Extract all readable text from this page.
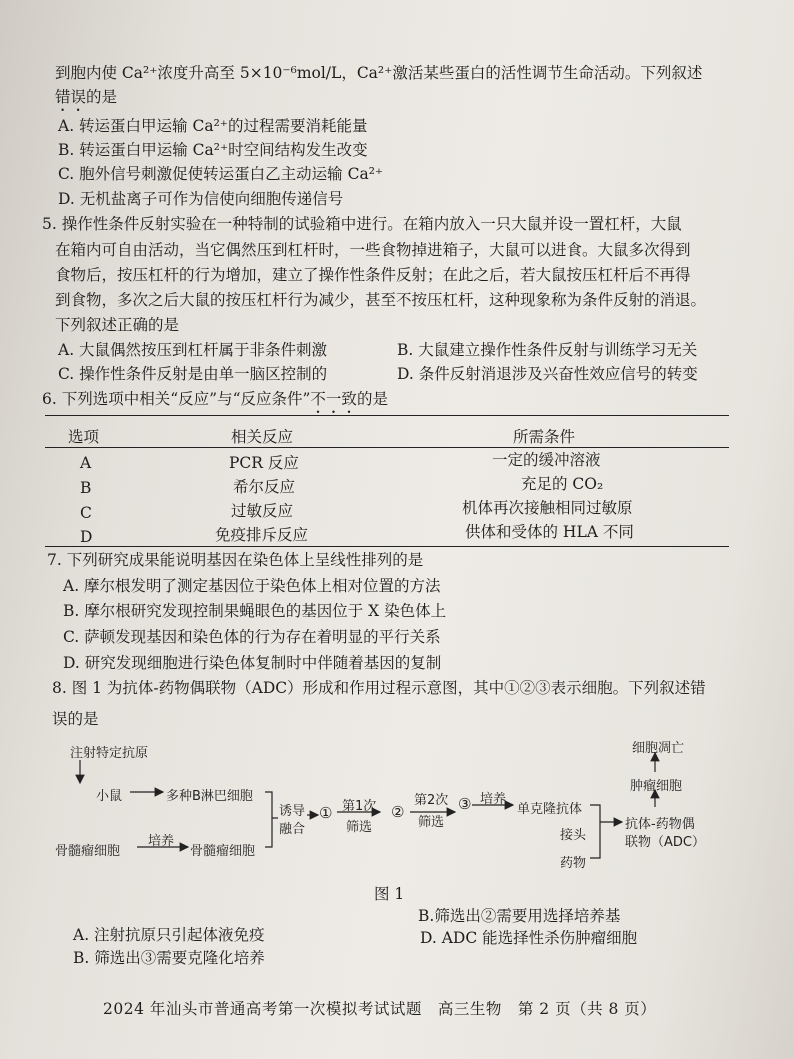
到胞内使 Ca²⁺浓度升高至 5×10⁻⁶mol/L，Ca²⁺激活某些蛋白的活性调节生命活动。下列叙述
错误的是
A. 转运蛋白甲运输 Ca²⁺的过程需要消耗能量
B. 转运蛋白甲运输 Ca²⁺时空间结构发生改变
C. 胞外信号刺激促使转运蛋白乙主动运输 Ca²⁺
D. 无机盐离子可作为信使向细胞传递信号
5. 操作性条件反射实验在一种特制的试验箱中进行。在箱内放入一只大鼠并设一置杠杆，大鼠
在箱内可自由活动，当它偶然压到杠杆时，一些食物掉进箱子，大鼠可以进食。大鼠多次得到
食物后，按压杠杆的行为增加，建立了操作性条件反射；在此之后，若大鼠按压杠杆后不再得
到食物，多次之后大鼠的按压杠杆行为减少，甚至不按压杠杆，这种现象称为条件反射的消退。
下列叙述正确的是
A. 大鼠偶然按压到杠杆属于非条件刺激	B. 大鼠建立操作性条件反射与训练学习无关
C. 操作性条件反射是由单一脑区控制的	D. 条件反射消退涉及兴奋性效应信号的转变
6. 下列选项中相关“反应”与“反应条件”不一致的是
选项	相关反应	所需条件
A	PCR 反应	一定的缓冲溶液
B	希尔反应	充足的 CO₂
C	过敏反应	机体再次接触相同过敏原
D	免疫排斥反应	供体和受体的 HLA 不同
7. 下列研究成果能说明基因在染色体上呈线性排列的是
A. 摩尔根发明了测定基因位于染色体上相对位置的方法
B. 摩尔根研究发现控制果蝇眼色的基因位于 X 染色体上
C. 萨顿发现基因和染色体的行为存在着明显的平行关系
D. 研究发现细胞进行染色体复制时中伴随着基因的复制
8. 图 1 为抗体-药物偶联物（ADC）形成和作用过程示意图，其中①②③表示细胞。下列叙述错
误的是
注射特定抗原
小鼠	多种B淋巴细胞
骨髓瘤细胞
培养
骨髓瘤细胞
诱导
融合
① 第1次
筛选
②
第2次
筛选
③ 培养
单克隆抗体
接头
药物
抗体-药物偶
联物（ADC）
肿瘤细胞
细胞凋亡
图 1
A. 注射抗原只引起体液免疫
B.筛选出②需要用选择培养基
B. 筛选出③需要克隆化培养
D. ADC 能选择性杀伤肿瘤细胞
2024 年汕头市普通高考第一次模拟考试试题　高三生物　第 2 页（共 8 页）
